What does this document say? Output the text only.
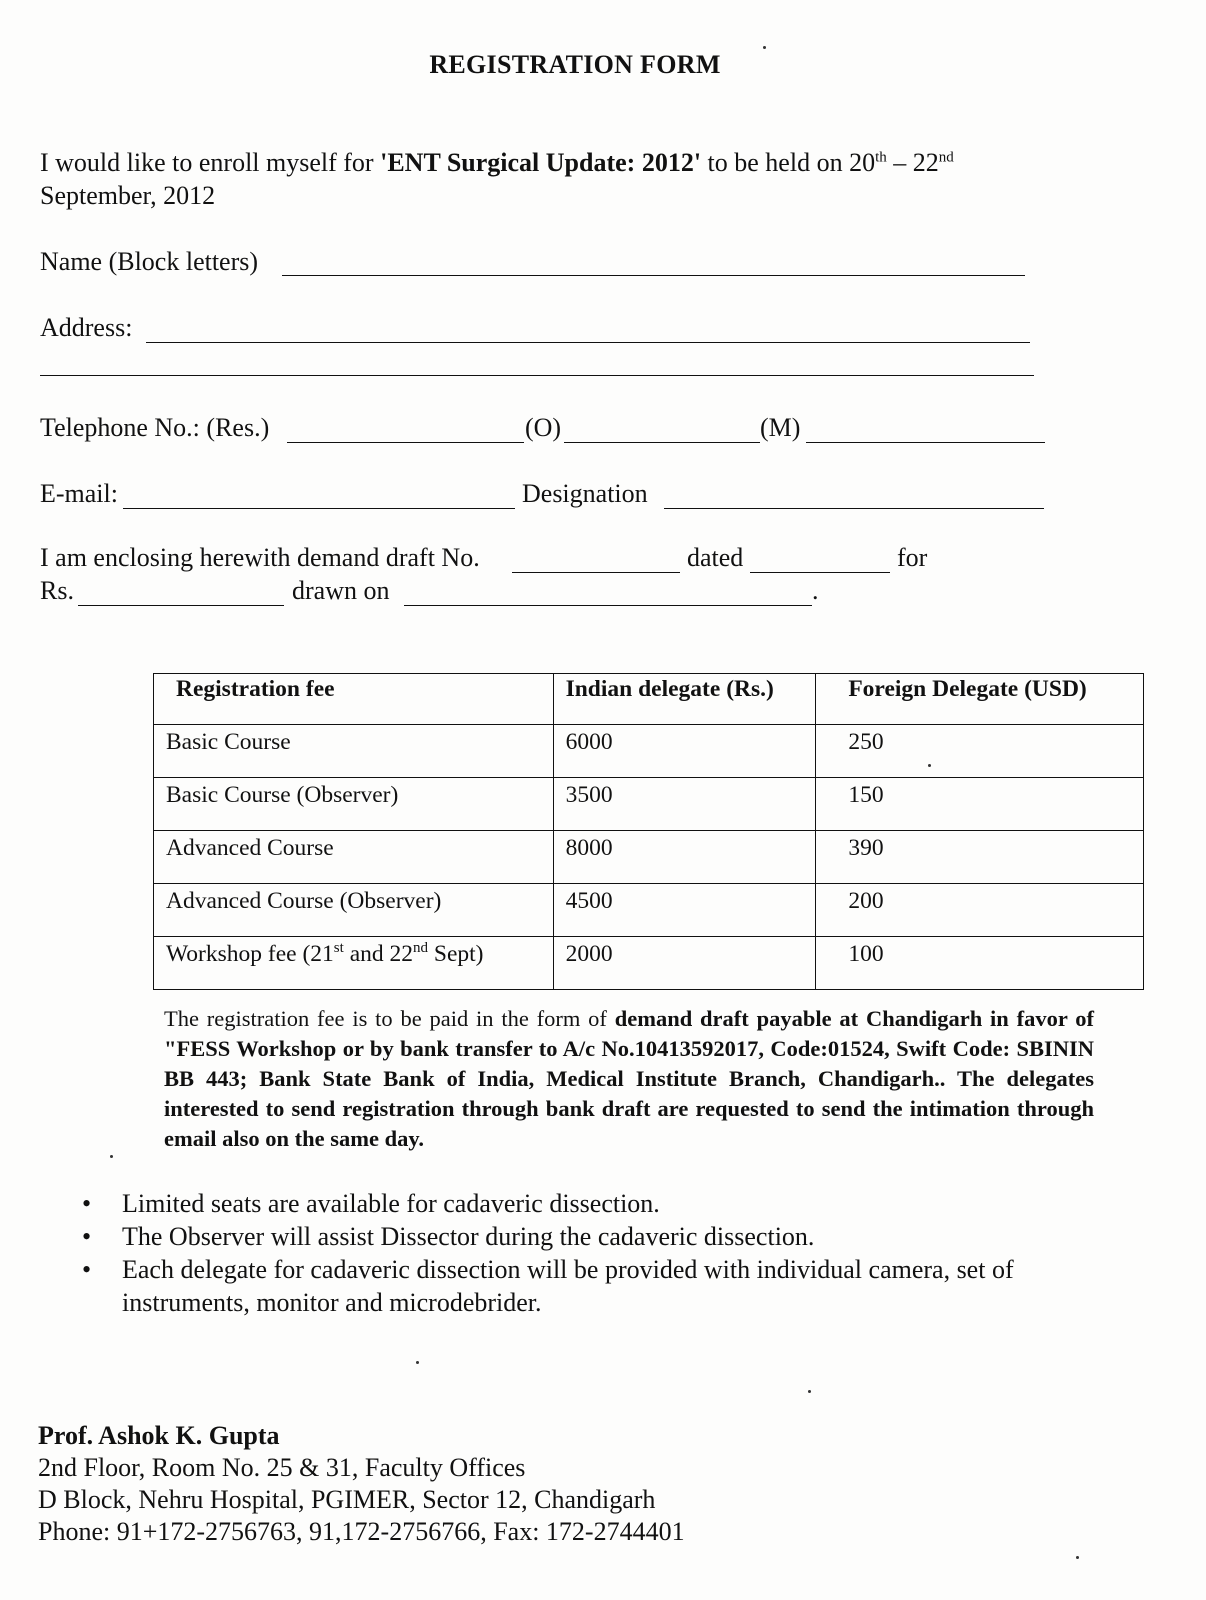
REGISTRATION FORM
I would like to enroll myself for 'ENT Surgical Update: 2012' to be held on 20th – 22nd
September, 2012
Name (Block letters)
Address:
Telephone No.: (Res.)	(O)	(M)
E-mail:	Designation
I am enclosing herewith demand draft No.	dated	for
Rs.	drawn on	.
Registration fee	Indian delegate (Rs.)	Foreign Delegate (USD)
Basic Course	6000	250
Basic Course (Observer)	3500	150
Advanced Course	8000	390
Advanced Course (Observer)	4500	200
Workshop fee (21st and 22nd Sept)	2000	100
The registration fee is to be paid in the form of demand draft payable at Chandigarh in favor of "FESS Workshop or by bank transfer to A/c No.10413592017, Code:01524, Swift Code: SBININ BB 443; Bank State Bank of India, Medical Institute Branch, Chandigarh.. The delegates interested to send registration through bank draft are requested to send the intimation through email also on the same day.
• Limited seats are available for cadaveric dissection.
• The Observer will assist Dissector during the cadaveric dissection.
• Each delegate for cadaveric dissection will be provided with individual camera, set of instruments, monitor and microdebrider.
Prof. Ashok K. Gupta
2nd Floor, Room No. 25 & 31, Faculty Offices
D Block, Nehru Hospital, PGIMER, Sector 12, Chandigarh
Phone: 91+172-2756763, 91,172-2756766, Fax: 172-2744401
